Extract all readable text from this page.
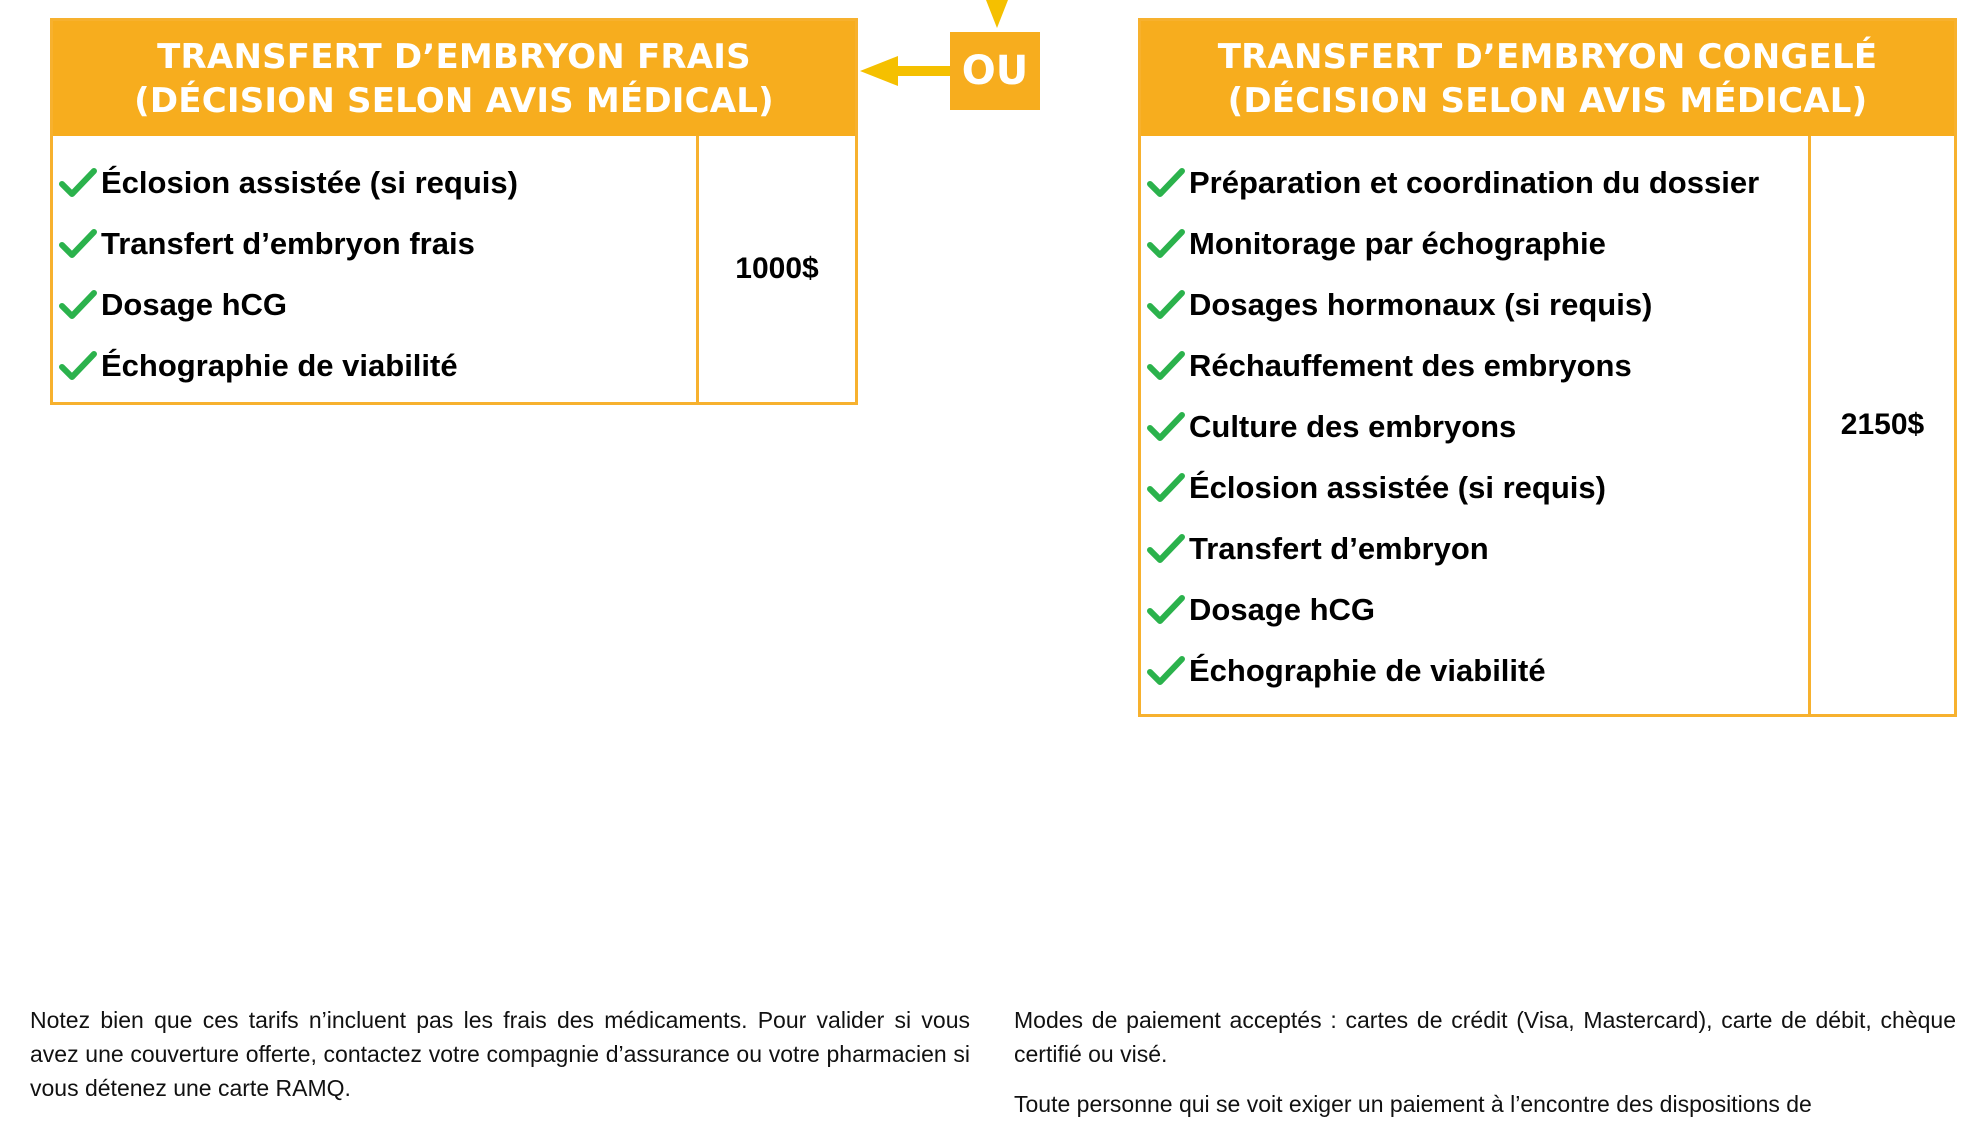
TRANSFERT D’EMBRYON FRAIS
(DÉCISION SELON AVIS MÉDICAL)
Éclosion assistée (si requis)
Transfert d’embryon frais
Dosage hCG
Échographie de viabilité
1000$
OU	TRANSFERT D’EMBRYON CONGELÉ
(DÉCISION SELON AVIS MÉDICAL)
Préparation et coordination du dossier
Monitorage par échographie
Dosages hormonaux (si requis)
Réchauffement des embryons
Culture des embryons
Éclosion assistée (si requis)
Transfert d’embryon
Dosage hCG
Échographie de viabilité
2150$

Notez bien que ces tarifs n’incluent pas les frais des médicaments. Pour valider si vous avez une couverture offerte, contactez votre compagnie d’assurance ou votre pharmacien si vous détenez une carte RAMQ.

Modes de paiement acceptés : cartes de crédit (Visa, Mastercard), carte de débit, chèque certifié ou visé.

Toute personne qui se voit exiger un paiement à l’encontre des dispositions de
